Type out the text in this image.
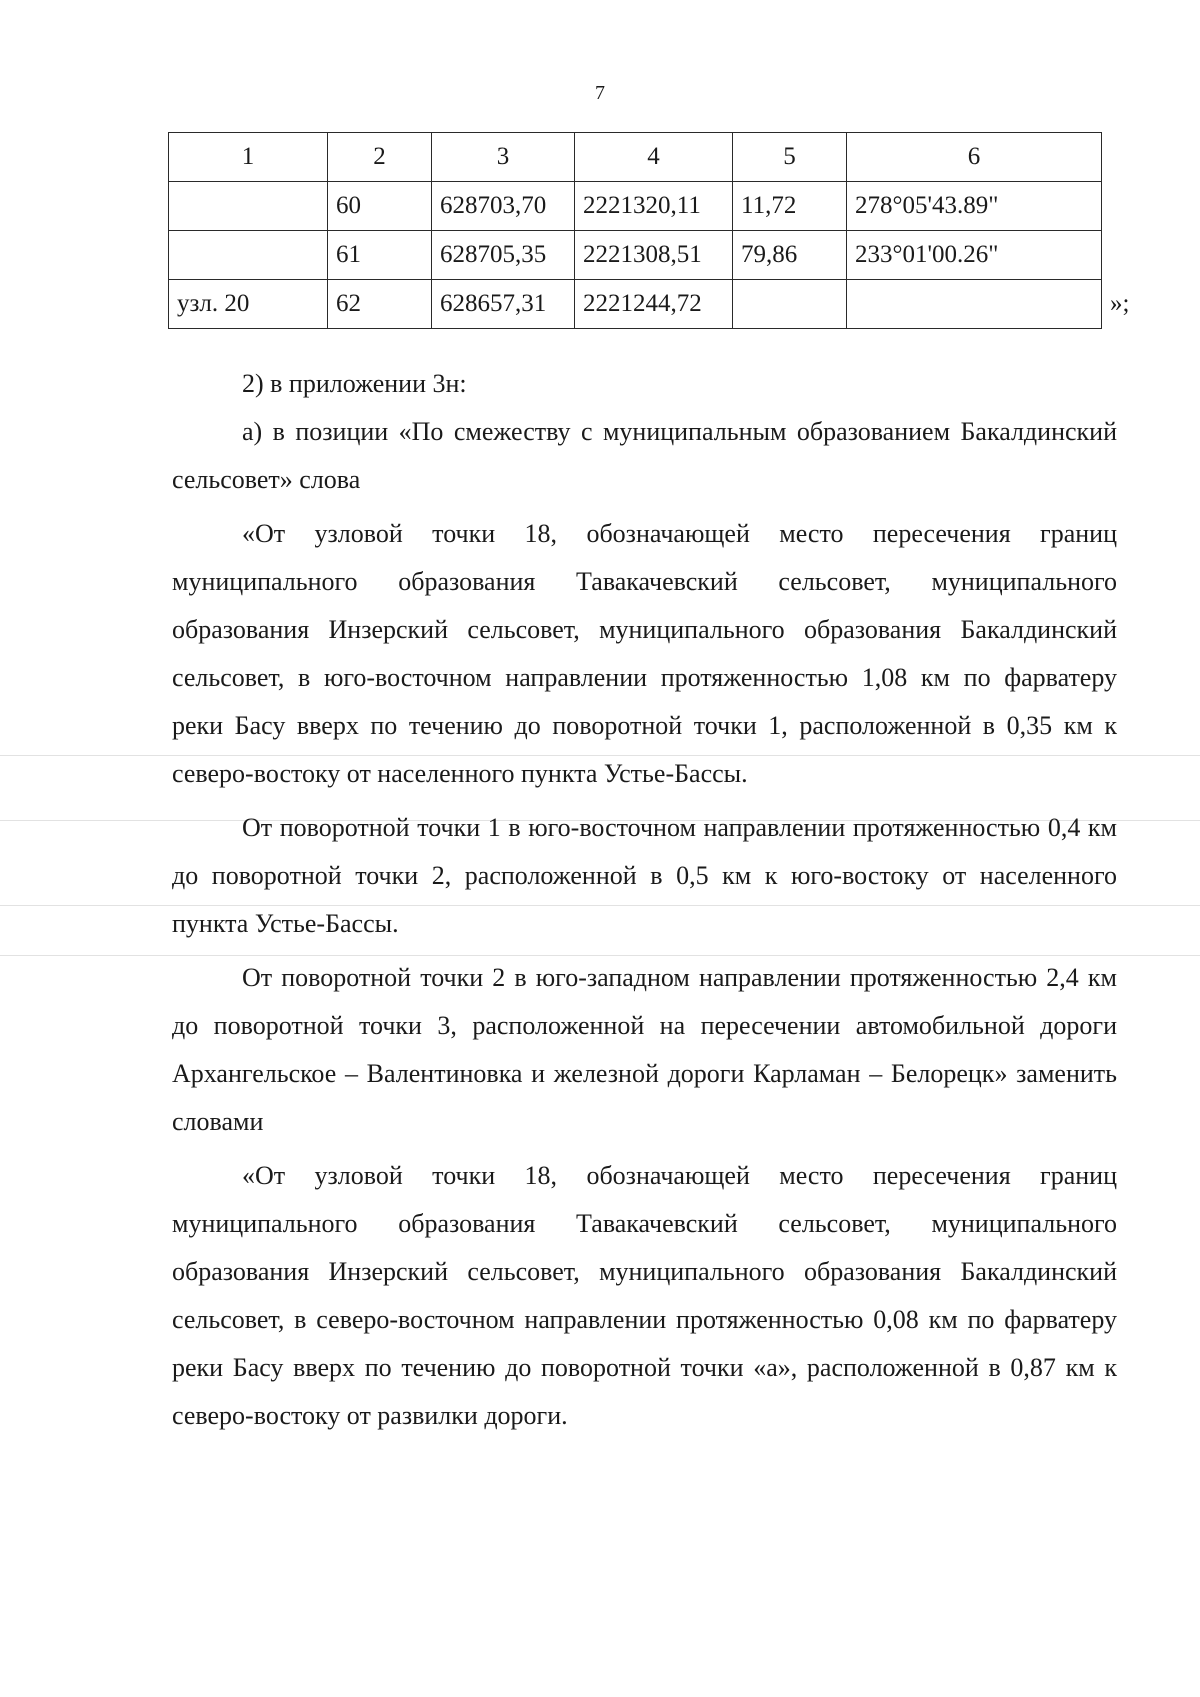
7
1	2	3	4	5	6
	60	628703,70	2221320,11	11,72	278°05'43.89"
	61	628705,35	2221308,51	79,86	233°01'00.26"
узл. 20	62	628657,31	2221244,72			»;

2) в приложении 3н:

а) в позиции «По смежеству с муниципальным образованием Бакалдинский сельсовет» слова

«От узловой точки 18, обозначающей место пересечения границ муниципального образования Тавакачевский сельсовет, муниципального образования Инзерский сельсовет, муниципального образования Бакалдинский сельсовет, в юго-восточном направлении протяженностью 1,08 км по фарватеру реки Басу вверх по течению до поворотной точки 1, расположенной в 0,35 км к северо-востоку от населенного пункта Устье-Бассы.

От поворотной точки 1 в юго-восточном направлении протяженностью 0,4 км до поворотной точки 2, расположенной в 0,5 км к юго-востоку от населенного пункта Устье-Бассы.

От поворотной точки 2 в юго-западном направлении протяженностью 2,4 км до поворотной точки 3, расположенной на пересечении автомобильной дороги Архангельское – Валентиновка и железной дороги Карламан – Белорецк» заменить словами

«От узловой точки 18, обозначающей место пересечения границ муниципального образования Тавакачевский сельсовет, муниципального образования Инзерский сельсовет, муниципального образования Бакалдинский сельсовет, в северо-восточном направлении протяженностью 0,08 км по фарватеру реки Басу вверх по течению до поворотной точки «а», расположенной в 0,87 км к северо-востоку от развилки дороги.
